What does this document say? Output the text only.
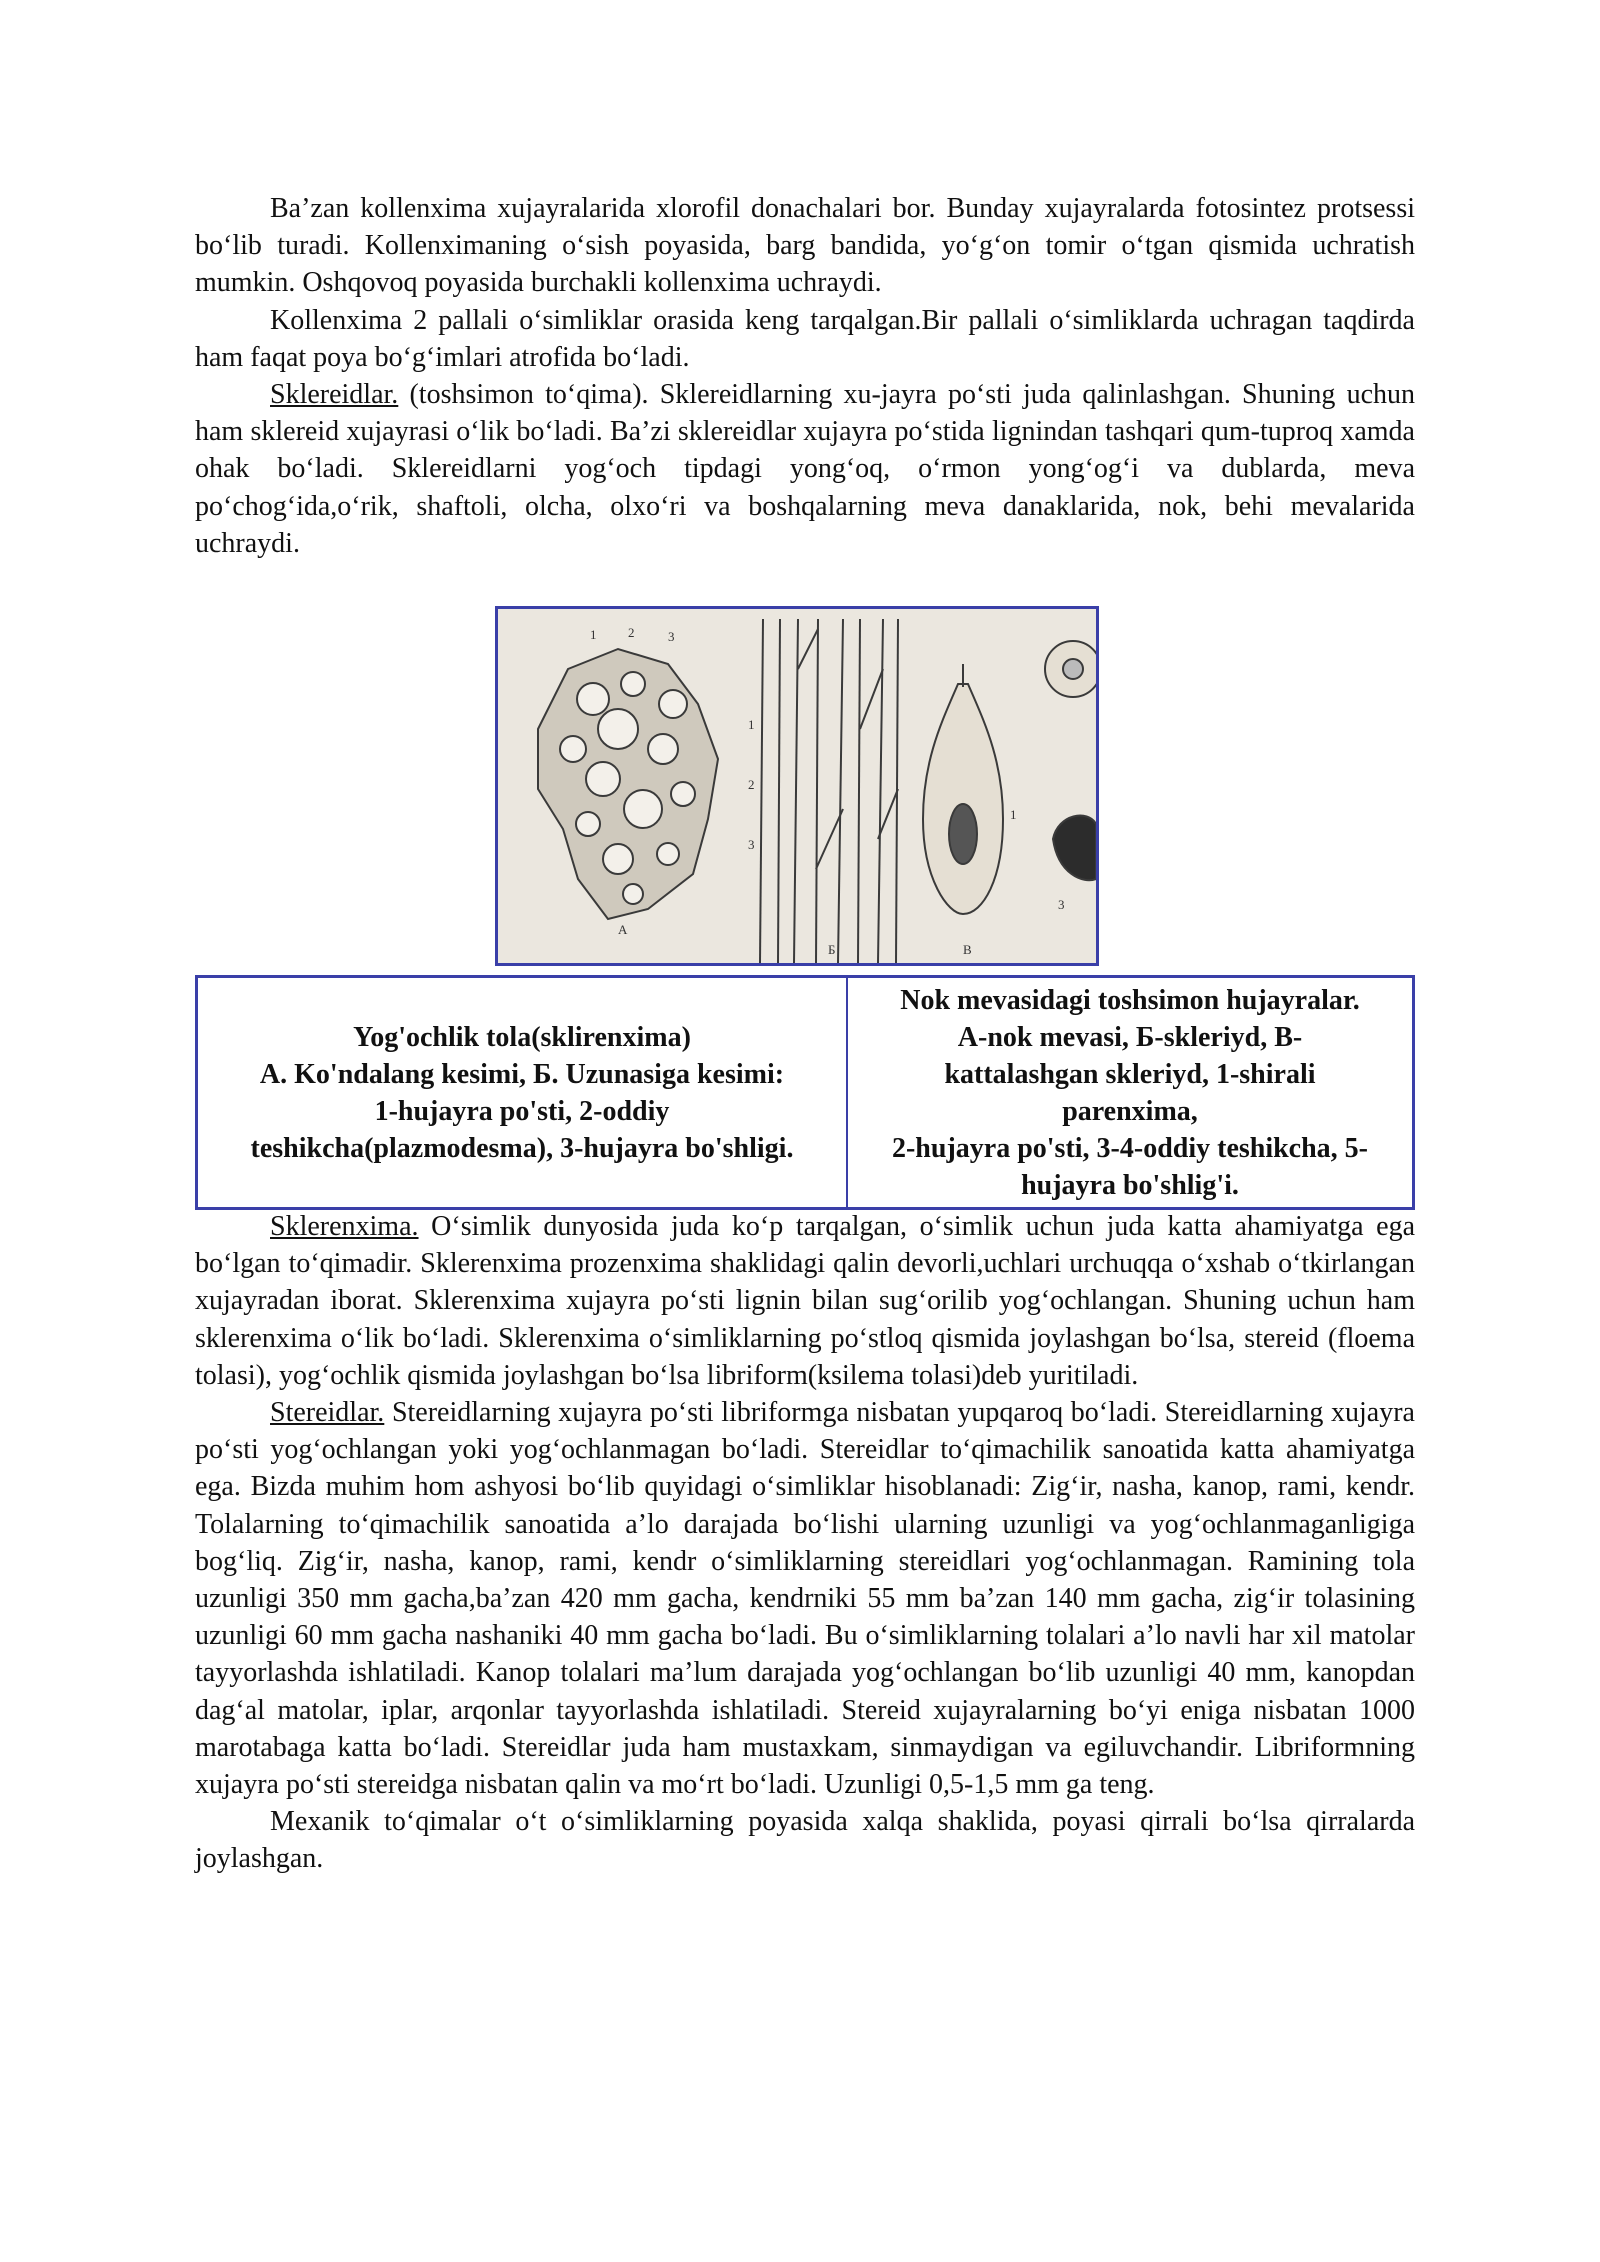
Ba’zan kollenxima xujayralarida xlorofil donachalari bor. Bunday xujayralarda fotosintez protsessi bo‘lib turadi. Kollenximaning o‘sish poyasida, barg bandida, yo‘g‘on tomir o‘tgan qismida uchratish mumkin. Oshqovoq poyasida burchakli kollenxima uchraydi.

Kollenxima 2 pallali o‘simliklar orasida keng tarqalgan.Bir pallali o‘simliklarda uchragan taqdirda ham faqat poya bo‘g‘imlari atrofida bo‘ladi.

Sklereidlar. (toshsimon to‘qima). Sklereidlarning xu-jayra po‘sti juda qalinlashgan. Shuning uchun ham sklereid xujayrasi o‘lik bo‘ladi. Ba’zi sklereidlar xujayra po‘stida lignindan tashqari qum-tuproq xamda ohak bo‘ladi. Sklereidlarni yog‘och tipdagi yong‘oq, o‘rmon yong‘og‘i va dublarda, meva po‘chog‘ida,o‘rik, shaftoli, olcha, olxo‘ri va boshqalarning meva danaklarida, nok, behi mevalarida uchraydi.

1 2	3
A
Б
1
2
3
1
3
В
Yog'ochlik tola(sklirenxima)
A. Ko'ndalang kesimi, Б. Uzunasiga kesimi:
1-hujayra po'sti, 2-oddiy
teshikcha(plazmodesma), 3-hujayra bo'shligi.
Nok mevasidagi toshsimon hujayralar.
A-nok mevasi, Б-skleriyd, B-
kattalashgan skleriyd, 1-shirali
parenxima,
2-hujayra po'sti, 3-4-oddiy teshikcha, 5-
hujayra bo'shlig'i.

Sklerenxima. O‘simlik dunyosida juda ko‘p tarqalgan, o‘simlik uchun juda katta ahamiyatga ega bo‘lgan to‘qimadir. Sklerenxima prozenxima shaklidagi qalin devorli,uchlari urchuqqa o‘xshab o‘tkirlangan xujayradan iborat. Sklerenxima xujayra po‘sti lignin bilan sug‘orilib yog‘ochlangan. Shuning uchun ham sklerenxima o‘lik bo‘ladi. Sklerenxima o‘simliklarning po‘stloq qismida joylashgan bo‘lsa, stereid (floema tolasi), yog‘ochlik qismida joylashgan bo‘lsa libriform(ksilema tolasi)deb yuritiladi.

Stereidlar. Stereidlarning xujayra po‘sti libriformga nisbatan yupqaroq bo‘ladi. Stereidlarning xujayra po‘sti yog‘ochlangan yoki yog‘ochlanmagan bo‘ladi. Stereidlar to‘qimachilik sanoatida katta ahamiyatga ega. Bizda muhim hom ashyosi bo‘lib quyidagi o‘simliklar hisoblanadi: Zig‘ir, nasha, kanop, rami, kendr. Tolalarning to‘qimachilik sanoatida a’lo darajada bo‘lishi ularning uzunligi va yog‘ochlanmaganligiga bog‘liq. Zig‘ir, nasha, kanop, rami, kendr o‘simliklarning stereidlari yog‘ochlanmagan. Ramining tola uzunligi 350 mm gacha,ba’zan 420 mm gacha, kendrniki 55 mm ba’zan 140 mm gacha, zig‘ir tolasining uzunligi 60 mm gacha nashaniki 40 mm gacha bo‘ladi. Bu o‘simliklarning tolalari a’lo navli har xil matolar tayyorlashda ishlatiladi. Kanop tolalari ma’lum darajada yog‘ochlangan bo‘lib uzunligi 40 mm, kanopdan dag‘al matolar, iplar, arqonlar tayyorlashda ishlatiladi. Stereid xujayralarning bo‘yi eniga nisbatan 1000 marotabaga katta bo‘ladi. Stereidlar juda ham mustaxkam, sinmaydigan va egiluvchandir. Libriformning xujayra po‘sti stereidga nisbatan qalin va mo‘rt bo‘ladi. Uzunligi 0,5-1,5 mm ga teng.

Mexanik to‘qimalar o‘t o‘simliklarning poyasida xalqa shaklida, poyasi qirrali bo‘lsa qirralarda joylashgan.
